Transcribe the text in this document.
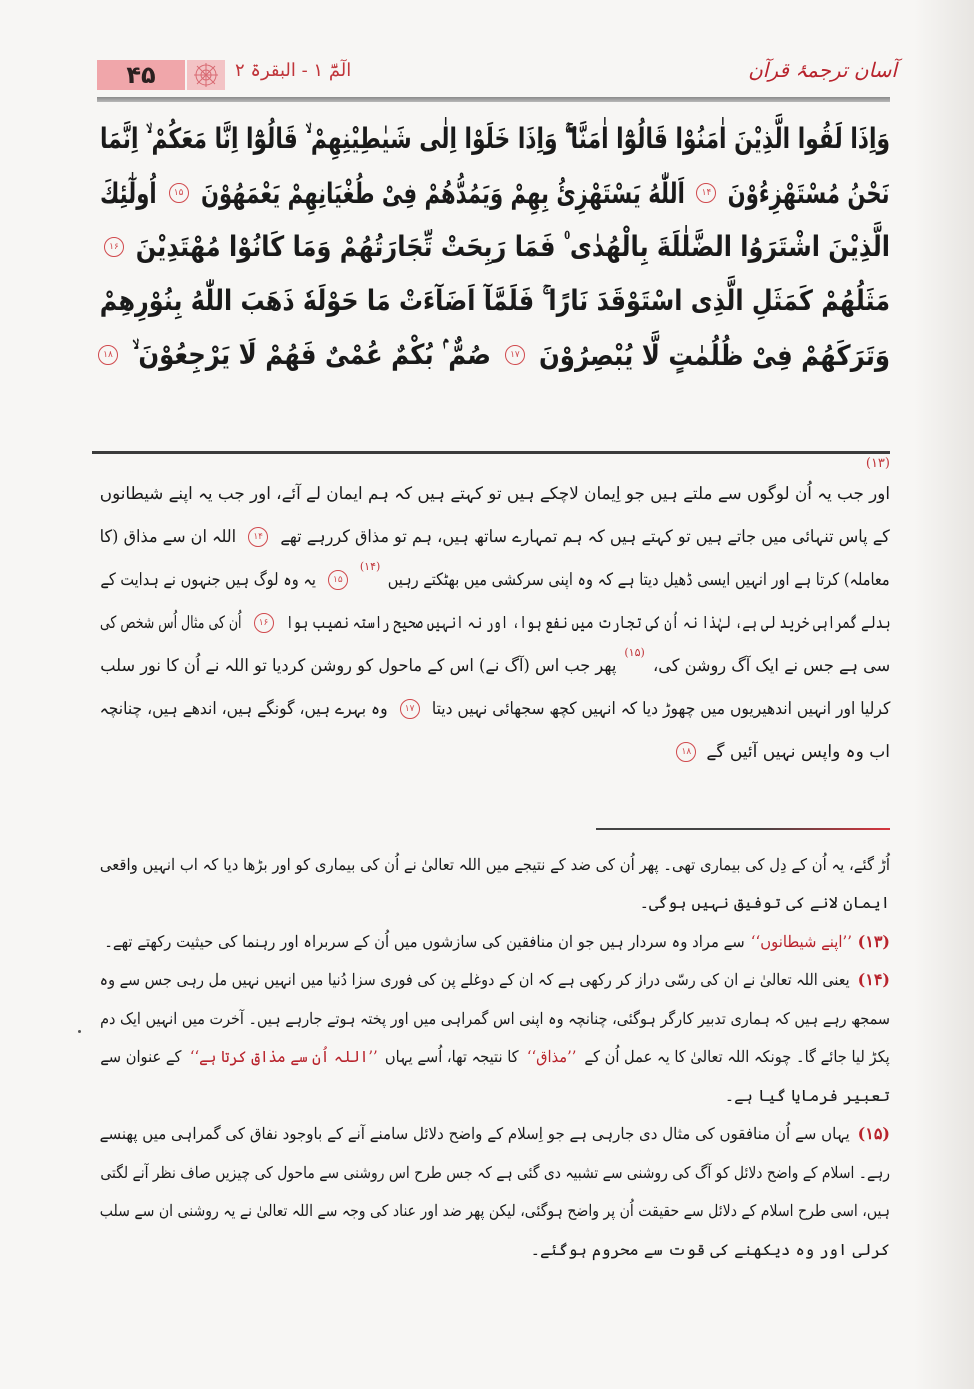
۴۵	الٓمّٓ ۱ - البقرۃ ۲	آسان ترجمۂ قرآن
وَاِذَا لَقُوا الَّذِيْنَ اٰمَنُوْا قَالُوْٓا اٰمَنَّا ۚۖ وَاِذَا خَلَوْا اِلٰى شَيٰطِيْنِهِمْ ۙ قَالُوْٓا اِنَّا مَعَكُمْ ۙ اِنَّمَا
نَحْنُ مُسْتَهْزِءُوْنَ
۱۴
اَللّٰهُ يَسْتَهْزِئُ بِهِمْ وَيَمُدُّهُمْ فِىْ طُغْيَانِهِمْ يَعْمَهُوْنَ
۱۵
اُولٰٓئِكَ
الَّذِيْنَ اشْتَرَوُا الضَّلٰلَةَ بِالْهُدٰى ۠ فَمَا رَبِحَتْ تِّجَارَتُهُمْ وَمَا كَانُوْا مُهْتَدِيْنَ
۱۶
مَثَلُهُمْ كَمَثَلِ الَّذِى اسْتَوْقَدَ نَارًا ۚ فَلَمَّآ اَضَآءَتْ مَا حَوْلَهٗ ذَهَبَ اللّٰهُ بِنُوْرِهِمْ
وَتَرَكَهُمْ فِىْ ظُلُمٰتٍ لَّا يُبْصِرُوْنَ
۱۷
صُمٌّ ۢ بُكْمٌ عُمْىٌ فَهُمْ لَا يَرْجِعُوْنَ ۙ
۱۸
(۱۳)
اور جب یہ اُن لوگوں سے ملتے ہیں جو اِیمان لاچکے ہیں تو کہتے ہیں کہ ہم ایمان لے آئے، اور جب یہ اپنے شیطانوں
کے پاس تنہائی میں جاتے ہیں تو کہتے ہیں کہ ہم تمہارے ساتھ ہیں، ہم تو مذاق کررہے تھے
۱۴
اللہ ان سے مذاق (کا
معاملہ) کرتا ہے اور انہیں ایسی ڈھیل دیتا ہے کہ وہ اپنی سرکشی میں بھٹکتے رہیں
(۱۴)
۱۵
یہ وہ لوگ ہیں جنہوں نے ہدایت کے
بدلے گمراہی خرید لی ہے، لہٰذا نہ اُن کی تجارت میں نفع ہوا، اور نہ انہیں صحیح راستہ نصیب ہوا
۱۶
اُن کی مثال اُس شخص کی
سی ہے جس نے ایک آگ روشن کی،
(۱۵)
پھر جب اس (آگ نے) اس کے ماحول کو روشن کردیا تو اللہ نے اُن کا نور سلب
کرلیا اور انہیں اندھیریوں میں چھوڑ دیا کہ انہیں کچھ سجھائی نہیں دیتا
۱۷
وہ بہرے ہیں، گونگے ہیں، اندھے ہیں، چنانچہ
اب وہ واپس نہیں آئیں گے
۱۸
اُڑ گئے، یہ اُن کے دِل کی بیماری تھی۔ پھر اُن کی ضد کے نتیجے میں اللہ تعالیٰ نے اُن کی بیماری کو اور بڑھا دیا کہ اب انہیں واقعی
ایمان لانے کی توفیق نہیں ہوگی۔
(۱۳)
’’اپنے شیطانوں‘‘
سے مراد وہ سردار ہیں جو ان منافقین کی سازشوں میں اُن کے سربراہ اور رہنما کی حیثیت رکھتے تھے۔
(۱۴)
یعنی اللہ تعالیٰ نے ان کی رسّی دراز کر رکھی ہے کہ ان کے دوغلے پن کی فوری سزا دُنیا میں انہیں نہیں مل رہی جس سے وہ
سمجھ رہے ہیں کہ ہماری تدبیر کارگر ہوگئی، چنانچہ وہ اپنی اس گمراہی میں اور پختہ ہوتے جارہے ہیں۔ آخرت میں انہیں ایک دم
پکڑ لیا جائے گا۔ چونکہ اللہ تعالیٰ کا یہ عمل اُن کے
’’مذاق‘‘
کا نتیجہ تھا، اُسے یہاں
’’اللہ اُن سے مذاق کرتا ہے‘‘
کے عنوان سے
تعبیر فرمایا گیا ہے۔
(۱۵)
یہاں سے اُن منافقوں کی مثال دی جارہی ہے جو اِسلام کے واضح دلائل سامنے آنے کے باوجود نفاق کی گمراہی میں پھنسے
رہے۔ اسلام کے واضح دلائل کو آگ کی روشنی سے تشبیہ دی گئی ہے کہ جس طرح اس روشنی سے ماحول کی چیزیں صاف نظر آنے لگتی
ہیں، اسی طرح اسلام کے دلائل سے حقیقت اُن پر واضح ہوگئی، لیکن پھر ضد اور عناد کی وجہ سے اللہ تعالیٰ نے یہ روشنی ان سے سلب
کرلی اور وہ دیکھنے کی قوت سے محروم ہوگئے۔
